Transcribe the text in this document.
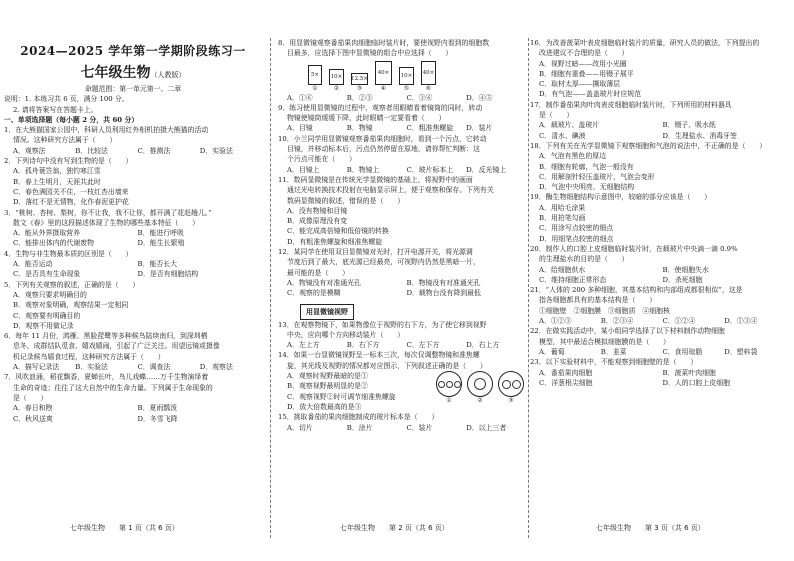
2024—2025 学年第一学期阶段练习一

七年级生物（人教版）

命题范围：第一单元第一、二章

说明：1. 本练习共 6 页，满分 100 分。

2. 请将答案写在答题卡上。

一、单项选择题（每小题 2 分，共 60 分）

1．在大熊猫国家公园中，科研人员利用红外相机拍摄大熊猫的活动

情况。这种研究方法属于（　　）

A．观察法	B．比较法	C．推测法	D．实验法

2．下列诗句中没有写到生物的是（　　）

A．孤舟蓑笠翁，独钓寒江雪

B．春上生明月，天涯共此时

C．春色满园关不住，一枝红杏出墙来

D．落红不是无情物，化作春泥更护花

3．“桃树、杏树、梨树，你不让我，我不让你，都开满了花赶趟儿。”

散文《春》里的这段描述体现了生物的哪些基本特征（　　）

A．能从外界摄取营养	B．能进行呼吸
C．能排出体内的代谢废物	D．能生长繁殖

4．生物与非生物最本质的区别是（　　）

A．能否运动	B．能否长大
C．是否具有生命现象	D．是否有细胞结构

5．下列有关观察的叙述，正确的是（　　）

A．观察只要求明确目的

B．观察对象明确，观察结果一定相同

C．观察要有明确目的

D．观察不用做记录

6．每年 11 月份，鸿雁、黑脸琵鹭等多种候鸟陆续南归，到深圳栖

息冬，成群结队觅食、嬉戏嬉闹，引起了广泛关注。用望远镜或摄像

机记录候鸟嬉食过程，这种研究方法属于（　　）

A．描写记录法	B．实验法	C．调查法	D．观察法

7．风吹浪涌，稻花飘香，夏蝉长叶，鸟儿戏蝶……万千生物演绎着

生命的奇迹；往往了这大自然中的生命力量。下列属于生命现象的

是（　　）

A．春日和煦	B．夏雨瓢泼
C．秋风送爽	D．冬雪飞降

8．用显微镜观察番茄果肉细胞临时装片时，要使视野内看到的细胞数

目最多，应选择下图中显微镜的组合中应选择（　　）

5×
①
10×
②
12.5×
③
40×
④
10×
⑤
40×
⑥
A．①⑥	B．②③	C．③⑥	D．④⑤

9．练习使用显微镜的过程中，观察者用眼睛看着镜筒的同时，转动

物镜使镜筒缓缓下降，此时眼睛一定要看着（　　）

A．目镜	B．物镜	C．粗准焦螺旋	D．装片

10．小兰同学用显微镜观察番茄果肉细胞时，看到一个污点，它转动

目镜，并移动标本后，污点仍然停留在原地，请你帮忙判断：这

个污点可能在（　　）

A．目镜上	B．物镜上	C．玻片标本上	D．反光镜上

11．数码显微镜是在传统光学显微镜的基础上，将视野中的画面

通过光电转换技术投射在电脑显示屏上，便于观察和保存。下列有关

数码显微镜的叙述，错误的是（　　）

A．没有物镜和目镜

B．成像原理没有变

C．能完成高倍镜和低倍镜的转换

D．有粗准焦螺旋和细准焦螺旋

12．某同学在使用双目显微镜对光时，打开电源开关，将光源调

节度后到了最大，底光源已经最亮，可视野内仍然是黑暗一片，

最可能的是（　　）

A．物镜没有对准通光孔	B．物镜没有对准通光孔
C．观察的是模糊	D．载物台没有降到最低
用显微镜视野

13．在观察物镜下，如果物像位于视野的右下方，为了使它移到视野

中央，应向哪个方向移动装片（　　）

A．左上方	B．右下方	C．左下方	D．右上方

14．如果一台显微镜视野呈一标本三次，每次仅调整物镜和准焦螺

旋，其光线及视野的情况都对应图示，下列叙述正确的是（　　）

A．观察时视野最暗的是①

B．观察视野最明显的是②

C．观察视野②时可调节细准焦螺旋

D．放大倍数最高的是③

①	②	③

15．挑取番茄的果肉细胞制成的玻片标本是（　　）

A．切片	B．涂片	C．装片	D．以上三者

16．为改善菠菜叶表皮细胞临时装片的质量，研究人员的做法，下列提出的

改进建议不合理的是（　　）

A．视野过暗——改用小光圈

B．细胞有重叠——用镊子展平

C．取材太厚——撕取薄层

D．有气泡——盖盖玻片时应规范

17．制作番茄果肉叶肉表皮细胞临时装片时，下列所用的材料器具

是（　　）

A．载玻片、盖玻片	B．镊子、吸水纸
C．清水、碘液	D．生理盐水、消毒牙签

18．下列有关在光学显微镜下观察细胞和气泡的说法中，不正确的是（　　）

A．气泡有黑色的厚边

B．细胞有轮廓，气泡一般没有

C．用解剖针轻压盖玻片，气泡会变形

D．气泡中央明亮，无细胞结构

19．酶生物细胞结构示意图中，较暗的部分应该是（　　）

A．用哈毛涂果

B．用拍笔勾画

C．用涂写点较密的细点

D．用细笔点较密的细点

20．制作人的口腔上皮细胞临时装片时，在载玻片中央滴一滴 0.9%

的生理盐水的目的是（　　）

A．给细胞供水	B．使细胞失水
C．维持细胞正常形态	D．杀死细胞

21．“人体的 200 多种细胞，其基本结构和内部组成都很相似”，这是

指各细胞都具有的基本结构是（　　）

①细胞壁　②细胞膜　③细胞质　④细胞核

A．①②③	B．②③④	C．①②④	D．①③④

22．在做实践活动中，某小组同学选择了以下材料制作动物细胞

模型，其中最适合模拟细胞膜的是（　　）

A．葡萄	B．韭菜	C．食用琼脂	D．塑料袋

23．以下实验材料中，不能观察到细胞壁的是（　　）

A．番茄果肉细胞	B．菠菜叶肉细胞
C．洋葱根尖细胞	D．人的口腔上皮细胞
七年级生物　　第 1 页（共 6 页）	七年级生物　　第 2 页（共 6 页）	七年级生物　　第 3 页（共 6 页）
